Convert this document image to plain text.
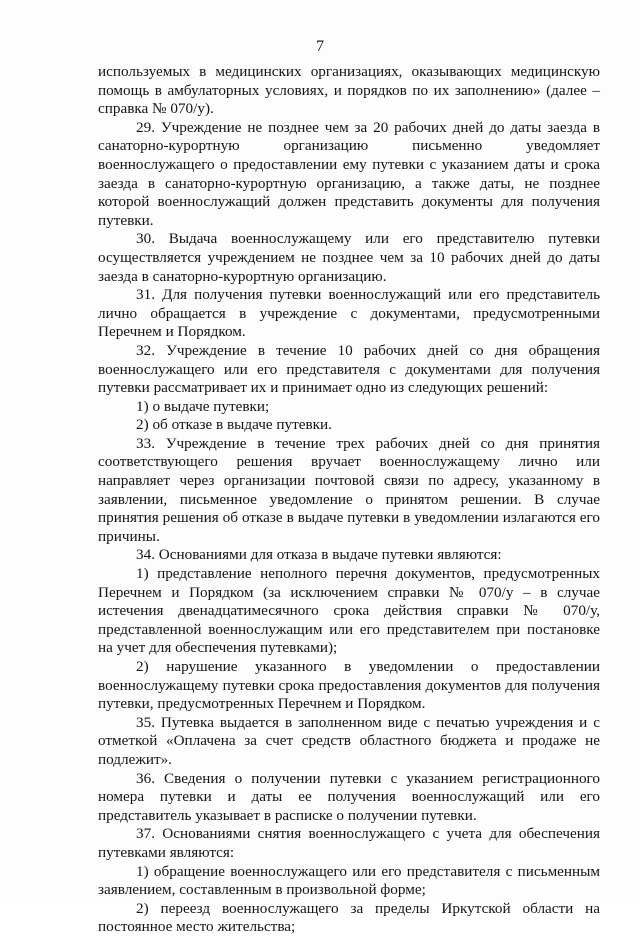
7

используемых в медицинских организациях, оказывающих медицинскую помощь в амбулаторных условиях, и порядков по их заполнению» (далее – справка № 070/у).

29. Учреждение не позднее чем за 20 рабочих дней до даты заезда в санаторно-курортную организацию письменно уведомляет военнослужащего о предоставлении ему путевки с указанием даты и срока заезда в санаторно-курортную организацию, а также даты, не позднее которой военнослужащий должен представить документы для получения путевки.

30. Выдача военнослужащему или его представителю путевки осуществляется учреждением не позднее чем за 10 рабочих дней до даты заезда в санаторно-курортную организацию.

31. Для получения путевки военнослужащий или его представитель лично обращается в учреждение с документами, предусмотренными Перечнем и Порядком.

32. Учреждение в течение 10 рабочих дней со дня обращения военнослужащего или его представителя с документами для получения путевки рассматривает их и принимает одно из следующих решений:

1) о выдаче путевки;

2) об отказе в выдаче путевки.

33. Учреждение в течение трех рабочих дней со дня принятия соответствующего решения вручает военнослужащему лично или направляет через организации почтовой связи по адресу, указанному в заявлении, письменное уведомление о принятом решении. В случае принятия решения об отказе в выдаче путевки в уведомлении излагаются его причины.

34. Основаниями для отказа в выдаче путевки являются:

1) представление неполного перечня документов, предусмотренных Перечнем и Порядком (за исключением справки № 070/у – в случае истечения двенадцатимесячного срока действия справки № 070/у, представленной военнослужащим или его представителем при постановке на учет для обеспечения путевками);

2) нарушение указанного в уведомлении о предоставлении военнослужащему путевки срока предоставления документов для получения путевки, предусмотренных Перечнем и Порядком.

35. Путевка выдается в заполненном виде с печатью учреждения и с отметкой «Оплачена за счет средств областного бюджета и продаже не подлежит».

36. Сведения о получении путевки с указанием регистрационного номера путевки и даты ее получения военнослужащий или его представитель указывает в расписке о получении путевки.

37. Основаниями снятия военнослужащего с учета для обеспечения путевками являются:

1) обращение военнослужащего или его представителя с письменным заявлением, составленным в произвольной форме;

2) переезд военнослужащего за пределы Иркутской области на постоянное место жительства;
